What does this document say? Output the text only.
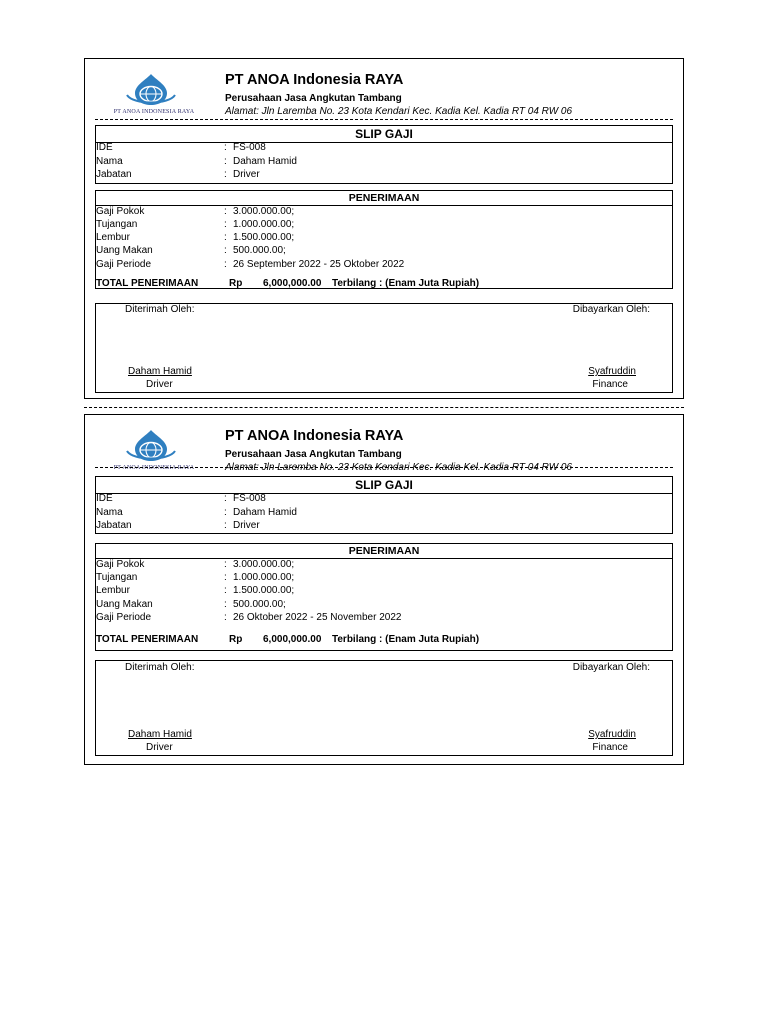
PT ANOA INDONESIA RAYA
PT ANOA Indonesia RAYA
Perusahaan Jasa Angkutan Tambang
Alamat: Jln Laremba No. 23 Kota Kendari Kec. Kadia Kel. Kadia RT 04 RW 06
SLIP GAJI
IDE	: FS-008
Nama	: Daham Hamid
Jabatan	: Driver
PENERIMAAN
Gaji Pokok	: 3.000.000.00;
Tujangan	: 1.000.000.00;
Lembur	: 1.500.000.00;
Uang Makan	: 500.000.00;
Gaji Periode	: 26 September 2022 - 25 Oktober 2022
TOTAL PENERIMAAN	Rp 6,000,000.00 Terbilang : (Enam Juta Rupiah)
Diterimah Oleh:	Dibayarkan Oleh:
Daham Hamid
Driver
Syafruddin
Finance
PT ANOA INDONESIA RAYA
PT ANOA Indonesia RAYA
Perusahaan Jasa Angkutan Tambang
Alamat: Jln Laremba No. 23 Kota Kendari Kec. Kadia Kel. Kadia RT 04 RW 06
SLIP GAJI
IDE	: FS-008
Nama	: Daham Hamid
Jabatan	: Driver
PENERIMAAN
Gaji Pokok	: 3.000.000.00;
Tujangan	: 1.000.000.00;
Lembur	: 1.500.000.00;
Uang Makan	: 500.000.00;
Gaji Periode	: 26 Oktober 2022 - 25 November 2022
TOTAL PENERIMAAN	Rp 6,000,000.00 Terbilang : (Enam Juta Rupiah)
Diterimah Oleh:	Dibayarkan Oleh:
Daham Hamid
Driver
Syafruddin
Finance
